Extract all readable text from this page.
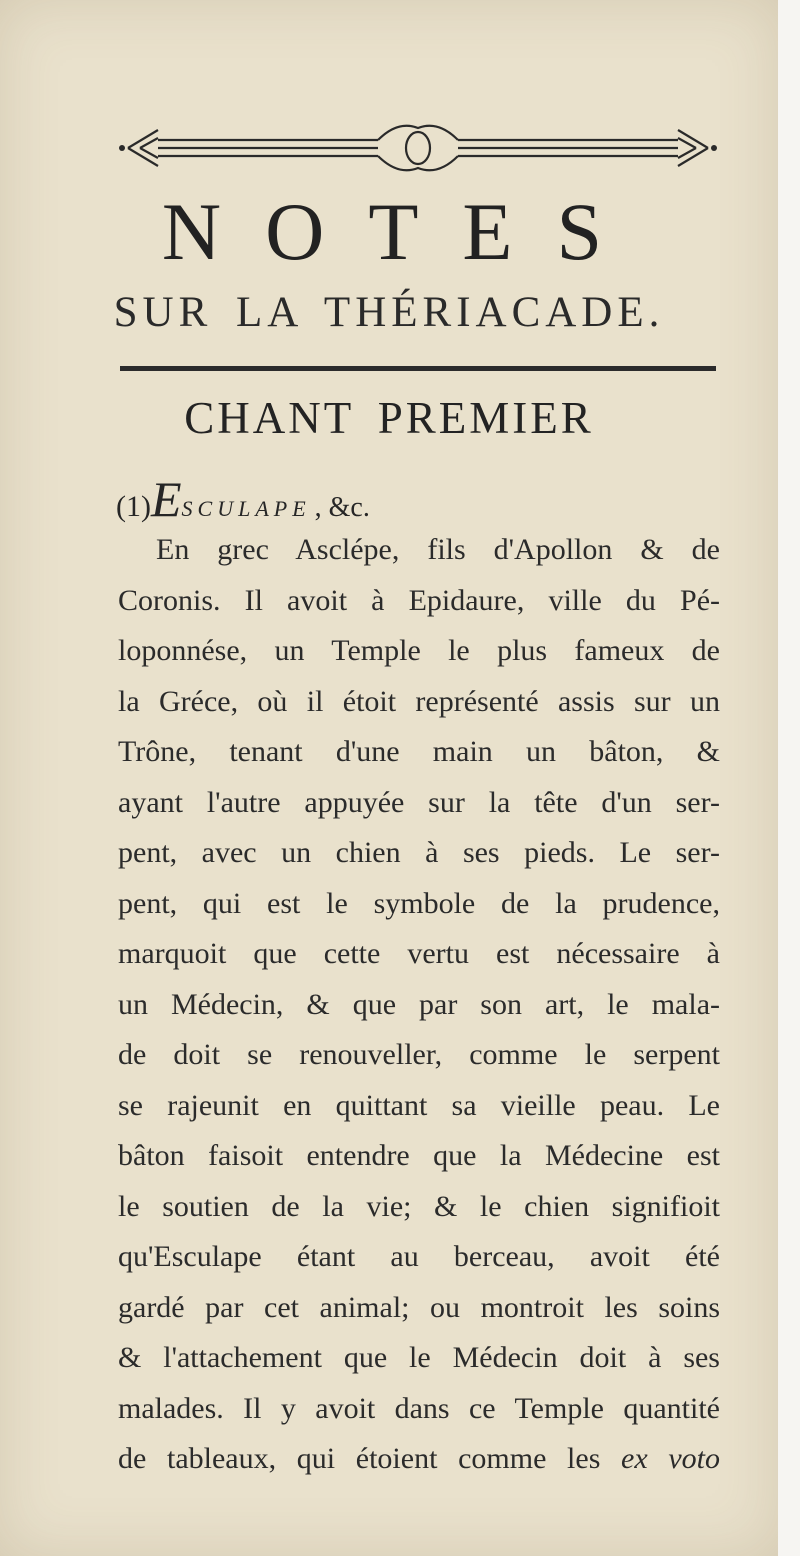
NOTES
SUR LA THÉRIACADE.
CHANT PREMIER
(1)ESCULAPE , &c.
En grec Asclépe, fils d'Apollon & de
Coronis. Il avoit à Epidaure, ville du Pé-
loponnése, un Temple le plus fameux de
la Gréce, où il étoit représenté assis sur un
Trône, tenant d'une main un bâton, &
ayant l'autre appuyée sur la tête d'un ser-
pent, avec un chien à ses pieds. Le ser-
pent, qui est le symbole de la prudence,
marquoit que cette vertu est nécessaire à
un Médecin, & que par son art, le mala-
de doit se renouveller, comme le serpent
se rajeunit en quittant sa vieille peau. Le
bâton faisoit entendre que la Médecine est
le soutien de la vie; & le chien signifioit
qu'Esculape étant au berceau, avoit été
gardé par cet animal; ou montroit les soins
& l'attachement que le Médecin doit à ses
malades. Il y avoit dans ce Temple quantité
de tableaux, qui étoient comme les ex voto
